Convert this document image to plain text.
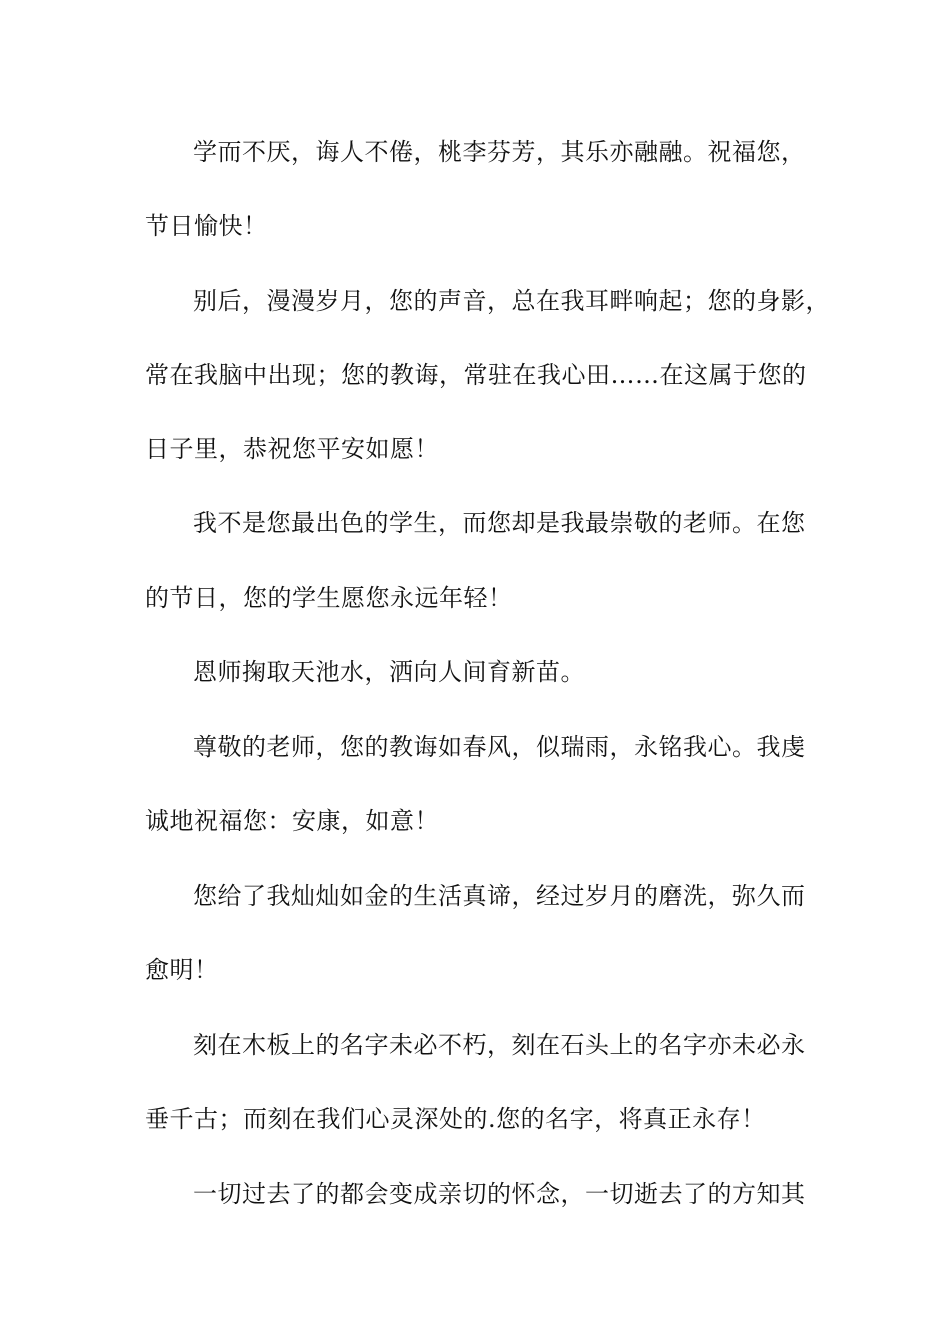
学而不厌，诲人不倦，桃李芬芳，其乐亦融融。祝福您，
节日愉快！
别后，漫漫岁月，您的声音，总在我耳畔响起；您的身影，
常在我脑中出现；您的教诲，常驻在我心田……在这属于您的
日子里，恭祝您平安如愿！
我不是您最出色的学生，而您却是我最崇敬的老师。在您
的节日，您的学生愿您永远年轻！
恩师掬取天池水，洒向人间育新苗。
尊敬的老师，您的教诲如春风，似瑞雨，永铭我心。我虔
诚地祝福您：安康，如意！
您给了我灿灿如金的生活真谛，经过岁月的磨洗，弥久而
愈明！
刻在木板上的名字未必不朽，刻在石头上的名字亦未必永
垂千古；而刻在我们心灵深处的.您的名字，将真正永存！
一切过去了的都会变成亲切的怀念，一切逝去了的方知其
